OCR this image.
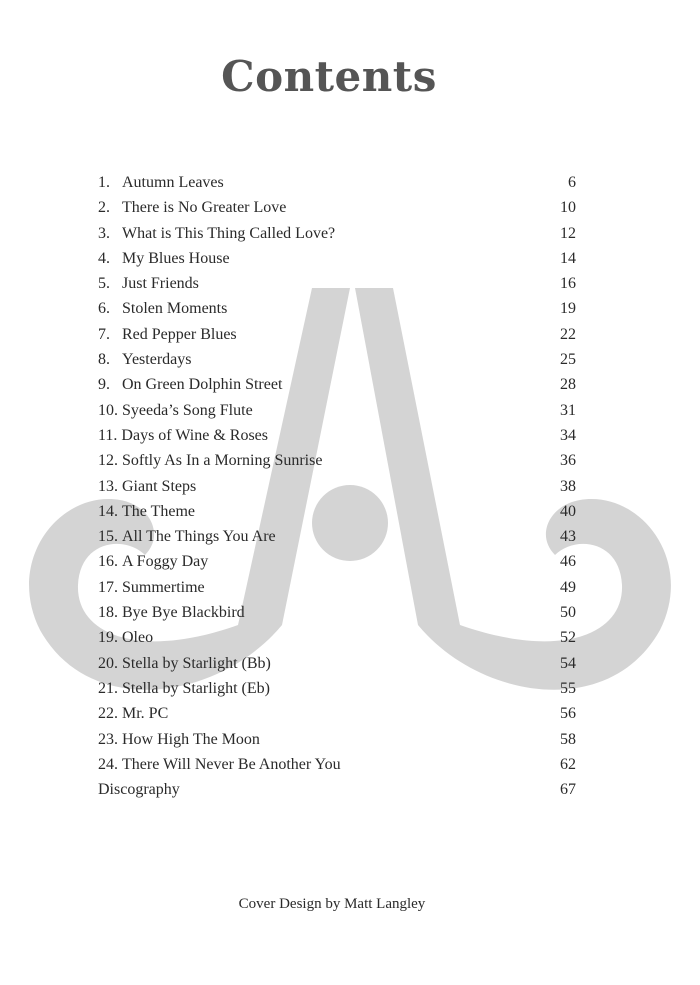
Contents
1. Autumn Leaves	6
2. There is No Greater Love	10
3. What is This Thing Called Love?	12
4. My Blues House	14
5. Just Friends	16
6. Stolen Moments	19
7. Red Pepper Blues	22
8. Yesterdays	25
9. On Green Dolphin Street	28
10. Syeeda’s Song Flute	31
11. Days of Wine & Roses	34
12. Softly As In a Morning Sunrise	36
13. Giant Steps	38
14. The Theme	40
15. All The Things You Are	43
16. A Foggy Day	46
17. Summertime	49
18. Bye Bye Blackbird	50
19. Oleo	52
20. Stella by Starlight (Bb)	54
21. Stella by Starlight (Eb)	55
22. Mr. PC	56
23. How High The Moon	58
24. There Will Never Be Another You	62
Discography	67
Cover Design by Matt Langley
